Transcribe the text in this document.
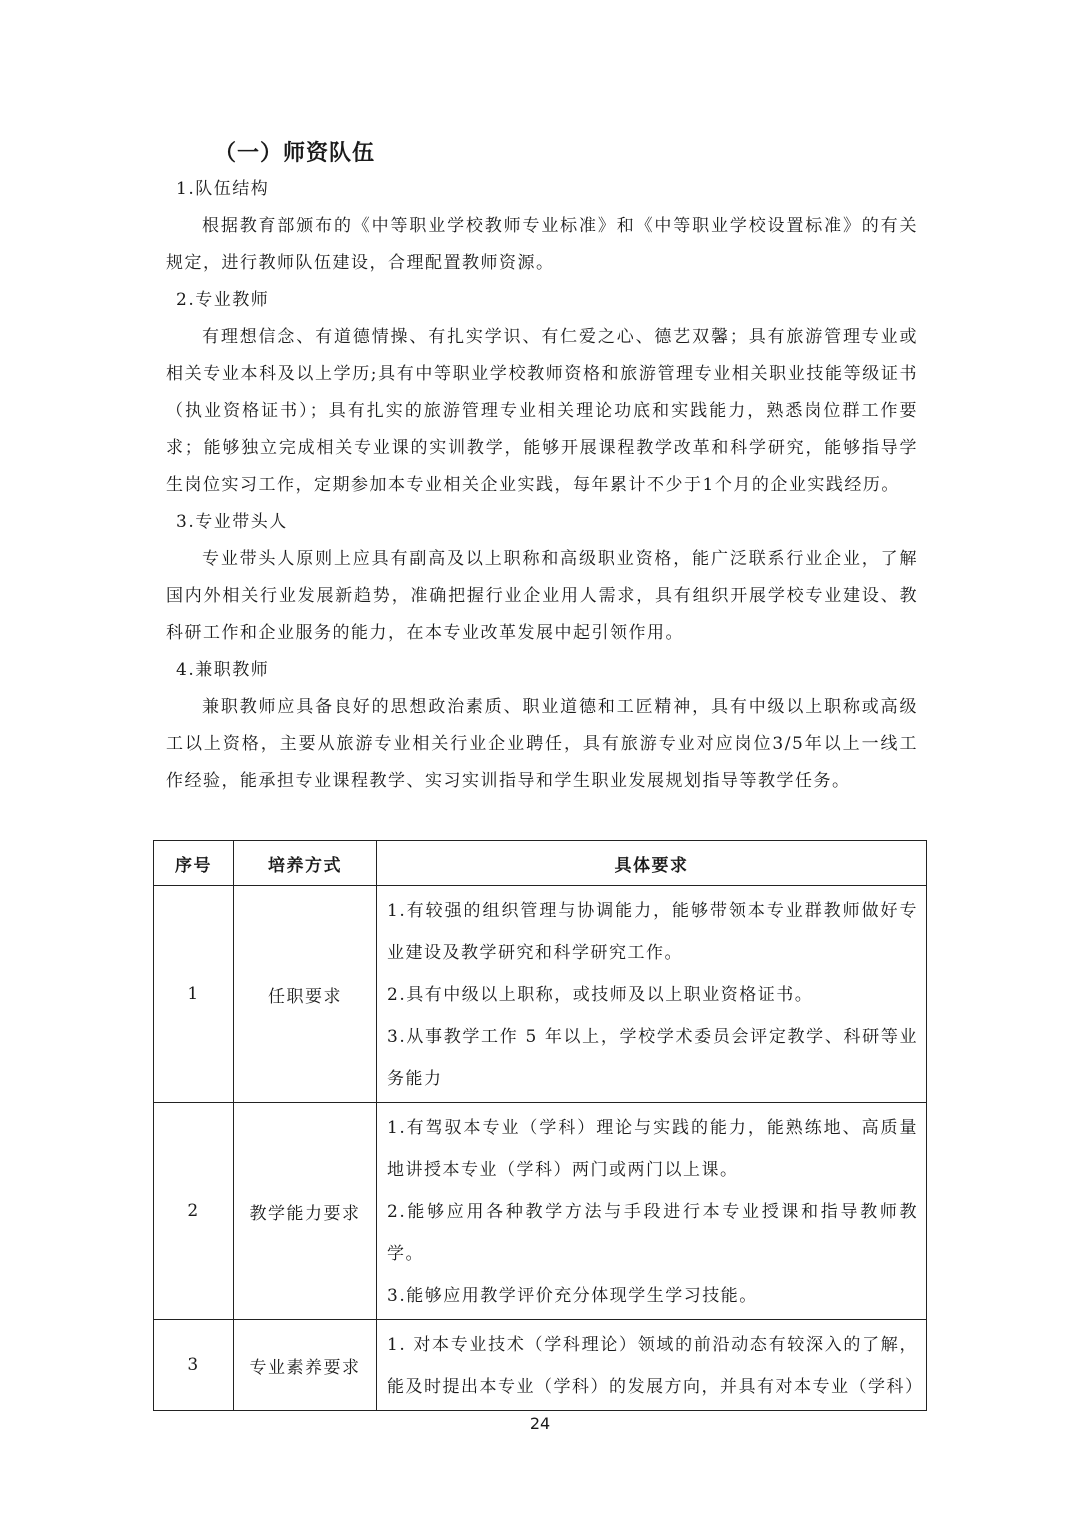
（一）师资队伍

1.队伍结构

根据教育部颁布的《中等职业学校教师专业标准》和《中等职业学校设置标准》的有关规定，进行教师队伍建设，合理配置教师资源。

2.专业教师

有理想信念、有道德情操、有扎实学识、有仁爱之心、德艺双馨；具有旅游管理专业或相关专业本科及以上学历;具有中等职业学校教师资格和旅游管理专业相关职业技能等级证书（执业资格证书）；具有扎实的旅游管理专业相关理论功底和实践能力，熟悉岗位群工作要求；能够独立完成相关专业课的实训教学，能够开展课程教学改革和科学研究，能够指导学生岗位实习工作，定期参加本专业相关企业实践，每年累计不少于1个月的企业实践经历。

3.专业带头人

专业带头人原则上应具有副高及以上职称和高级职业资格，能广泛联系行业企业，了解国内外相关行业发展新趋势，准确把握行业企业用人需求，具有组织开展学校专业建设、教科研工作和企业服务的能力，在本专业改革发展中起引领作用。

4.兼职教师

兼职教师应具备良好的思想政治素质、职业道德和工匠精神，具有中级以上职称或高级工以上资格，主要从旅游专业相关行业企业聘任，具有旅游专业对应岗位3/5年以上一线工作经验，能承担专业课程教学、实习实训指导和学生职业发展规划指导等教学任务。

序号	培养方式	具体要求
1	任职要求	1.有较强的组织管理与协调能力，能够带领本专业群教师做好专业建设及教学研究和科学研究工作。

2.具有中级以上职称，或技师及以上职业资格证书。

3.从事教学工作 5 年以上，学校学术委员会评定教学、科研等业务能力

2	教学能力要求	1.有驾驭本专业（学科）理论与实践的能力，能熟练地、高质量地讲授本专业（学科）两门或两门以上课。

2.能够应用各种教学方法与手段进行本专业授课和指导教师教学。

3.能够应用教学评价充分体现学生学习技能。

3	专业素养要求	1. 对本专业技术（学科理论）领域的前沿动态有较深入的了解，能及时提出本专业（学科）的发展方向，并具有对本专业（学科）

24
